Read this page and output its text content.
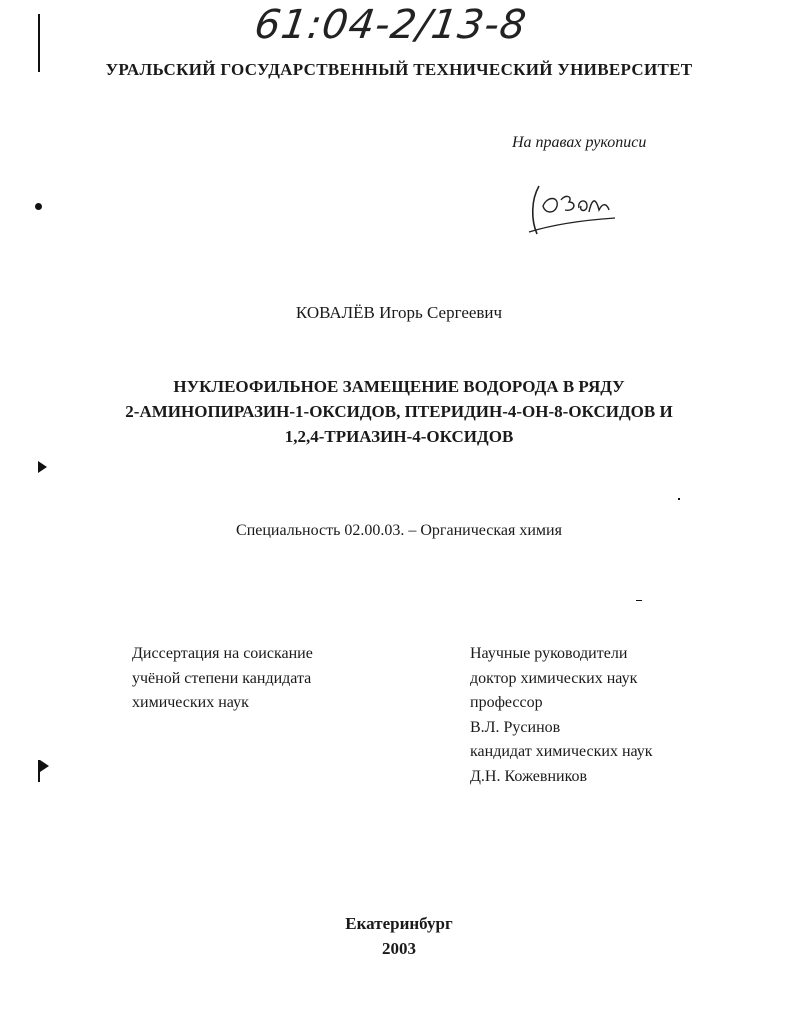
61:04-2/13-8
УРАЛЬСКИЙ ГОСУДАРСТВЕННЫЙ ТЕХНИЧЕСКИЙ УНИВЕРСИТЕТ
На правах рукописи
КОВАЛЁВ Игорь Сергеевич
НУКЛЕОФИЛЬНОЕ ЗАМЕЩЕНИЕ ВОДОРОДА В РЯДУ
2-АМИНОПИРАЗИН-1-ОКСИДОВ, ПТЕРИДИН-4-ОН-8-ОКСИДОВ И
1,2,4-ТРИАЗИН-4-ОКСИДОВ
Специальность 02.00.03. – Органическая химия
Диссертация на соискание
учёной степени кандидата
химических наук
Научные руководители
доктор химических наук
профессор
В.Л. Русинов
кандидат химических наук
Д.Н. Кожевников
Екатеринбург
2003
